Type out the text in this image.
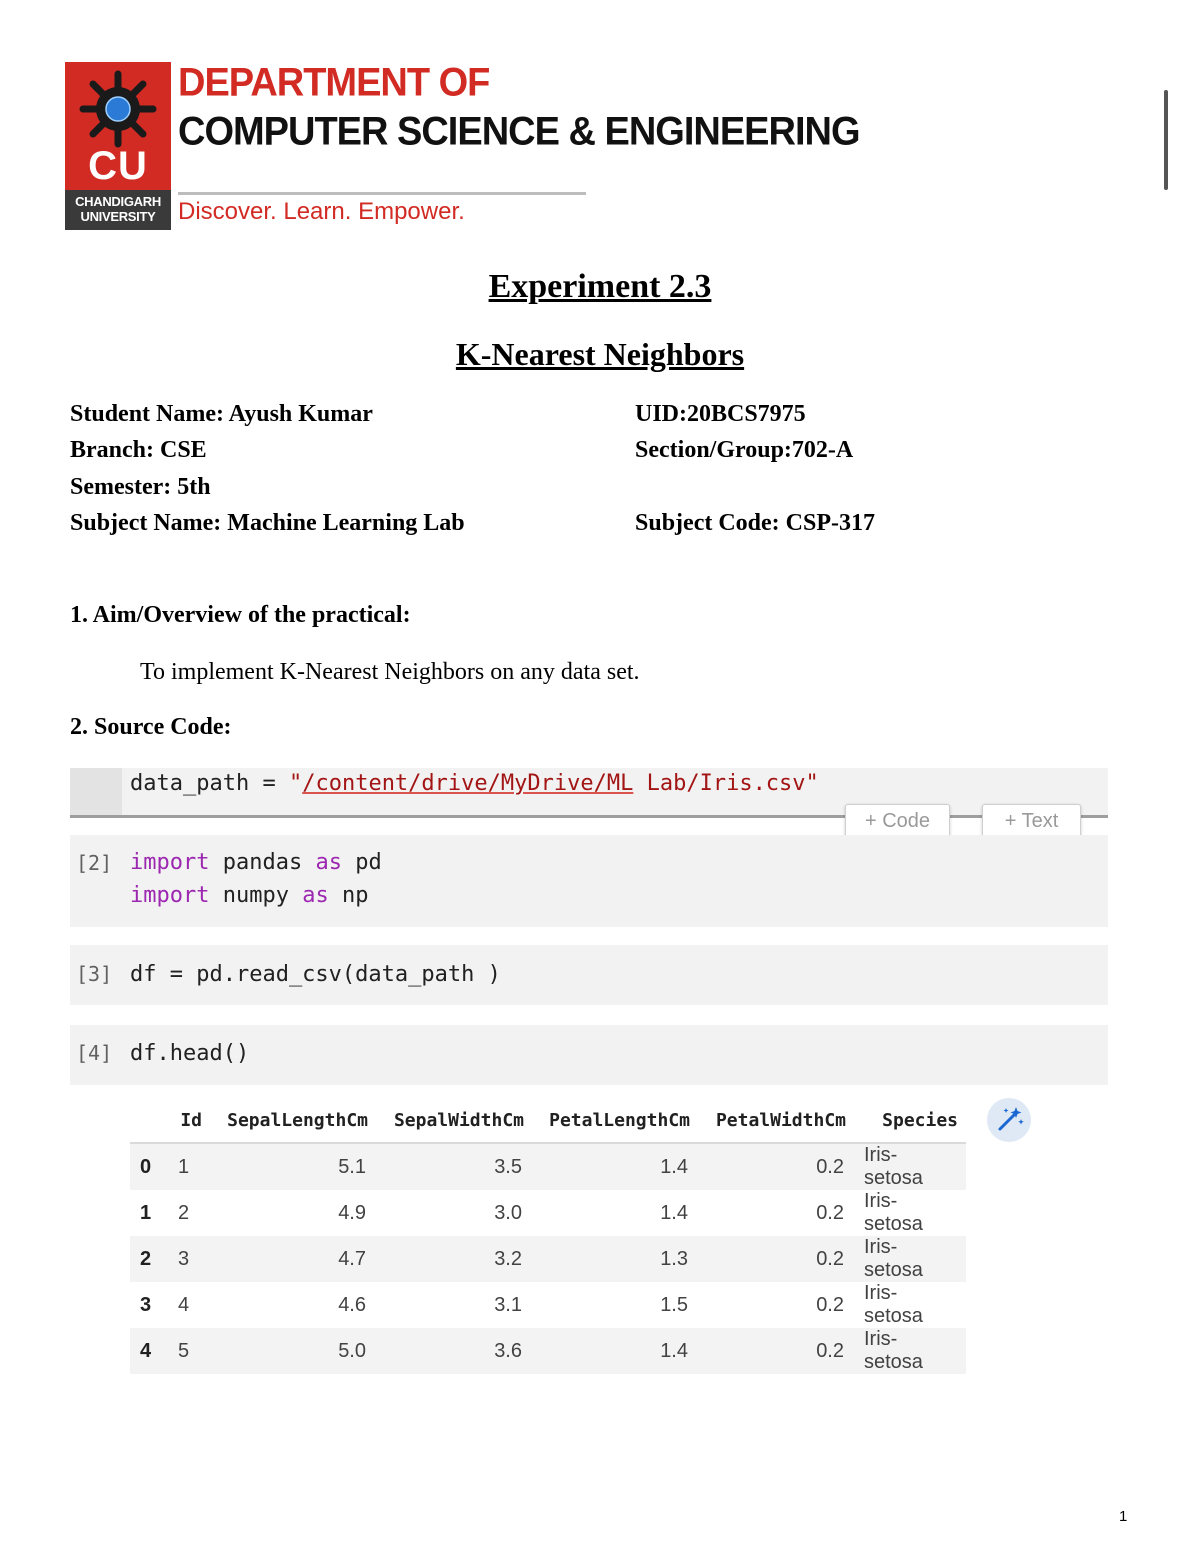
CU
CHANDIGARH UNIVERSITY
DEPARTMENT OF
COMPUTER SCIENCE & ENGINEERING
Discover. Learn. Empower.
Experiment 2.3
K-Nearest Neighbors
Student Name: Ayush Kumar	UID:20BCS7975
Branch: CSE	Section/Group:702-A
Semester: 5th
Subject Name: Machine Learning Lab	Subject Code: CSP-317
1. Aim/Overview of the practical:
To implement K-Nearest Neighbors on any data set.
2. Source Code:
data_path = "/content/drive/MyDrive/ML Lab/Iris.csv"
+ Code	+ Text
[2] import pandas as pd
import numpy as np
[3] df = pd.read_csv(data_path )
[4] df.head()
	Id	SepalLengthCm	SepalWidthCm	PetalLengthCm	PetalWidthCm	Species
0	1	5.1	3.5	1.4	0.2	Iris-setosa
1	2	4.9	3.0	1.4	0.2	Iris-setosa
2	3	4.7	3.2	1.3	0.2	Iris-setosa
3	4	4.6	3.1	1.5	0.2	Iris-setosa
4	5	5.0	3.6	1.4	0.2	Iris-setosa
1
